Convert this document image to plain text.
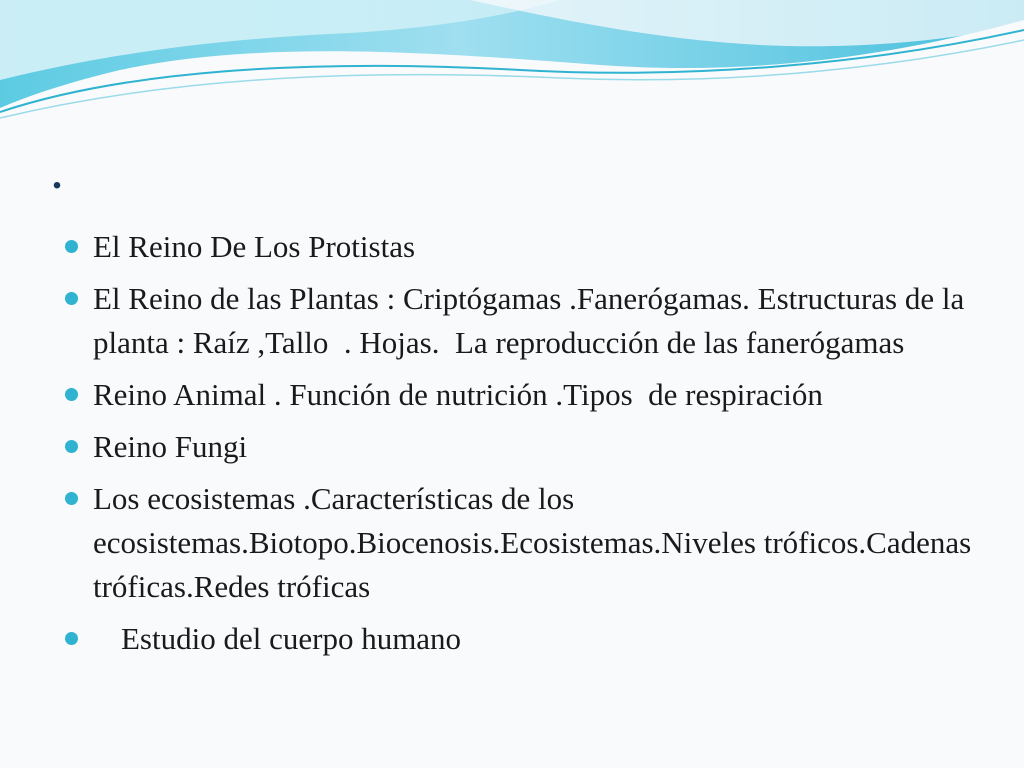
.
El Reino De Los Protistas
El Reino de las Plantas : Criptógamas .Fanerógamas. Estructuras de la planta : Raíz ,Tallo  . Hojas.  La reproducción de las fanerógamas
Reino Animal . Función de nutrición .Tipos  de respiración
Reino Fungi
Los ecosistemas .Características de los ecosistemas.Biotopo.Biocenosis.Ecosistemas.Niveles tróficos.Cadenas tróficas.Redes tróficas
Estudio del cuerpo humano
